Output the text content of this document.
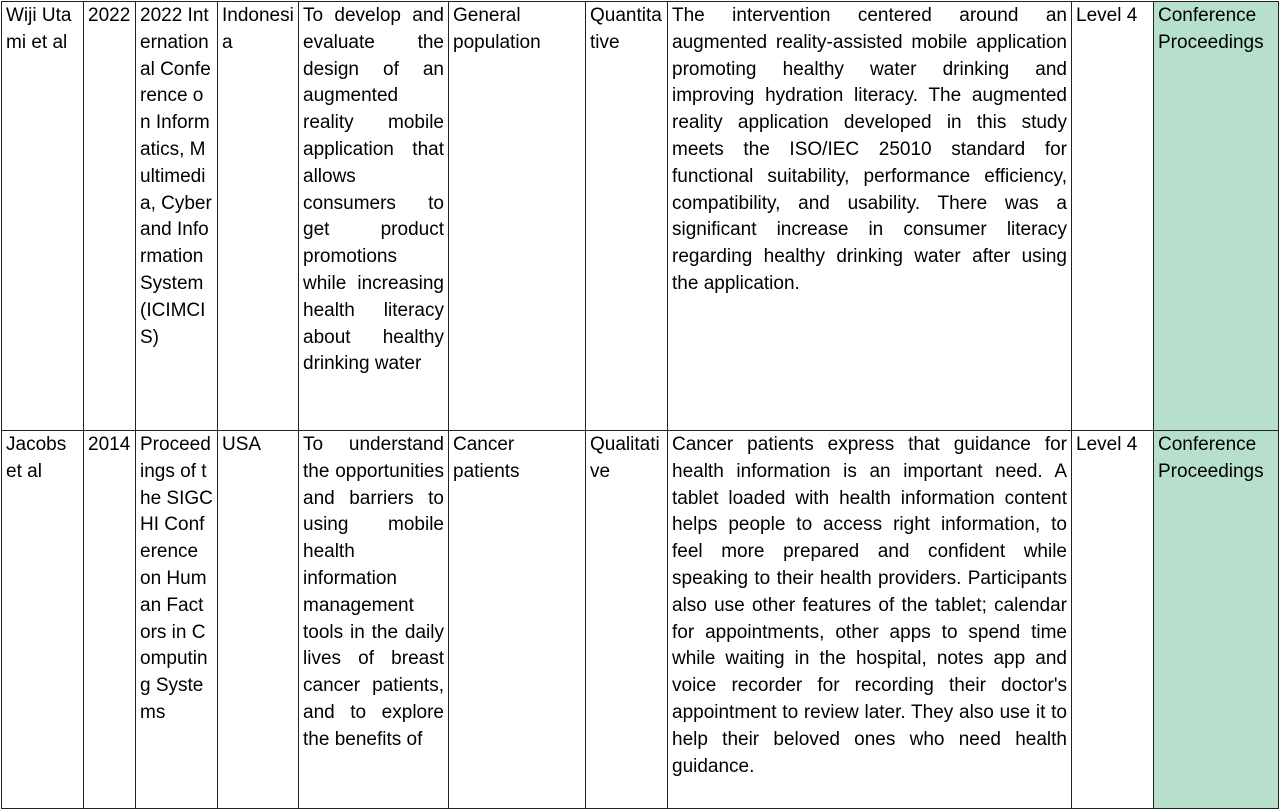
Wiji Utami et al	2022	2022 International Conference on Informatics, Multimedia, Cyber and Information System (ICIMCIS)	Indonesia	To develop and evaluate the design of an augmented reality mobile application that allows consumers to get product promotions while increasing health literacy about healthy drinking water	General population	Quantitative	The intervention centered around an augmented reality-assisted mobile application promoting healthy water drinking and improving hydration literacy. The augmented reality application developed in this study meets the ISO/IEC 25010 standard for functional suitability, performance efficiency, compatibility, and usability. There was a significant increase in consumer literacy regarding healthy drinking water after using the application.	Level 4	Conference Proceedings
Jacobs et al	2014	Proceedings of the SIGCHI Conference on Human Factors in Computing Systems	USA	To understand the opportunities and barriers to using mobile health information management tools in the daily lives of breast cancer patients, and to explore the benefits of	Cancer patients	Qualitative	Cancer patients express that guidance for health information is an important need. A tablet loaded with health information content helps people to access right information, to feel more prepared and confident while speaking to their health providers. Participants also use other features of the tablet; calendar for appointments, other apps to spend time while waiting in the hospital, notes app and voice recorder for recording their doctor's appointment to review later. They also use it to help their beloved ones who need health guidance.	Level 4	Conference Proceedings
